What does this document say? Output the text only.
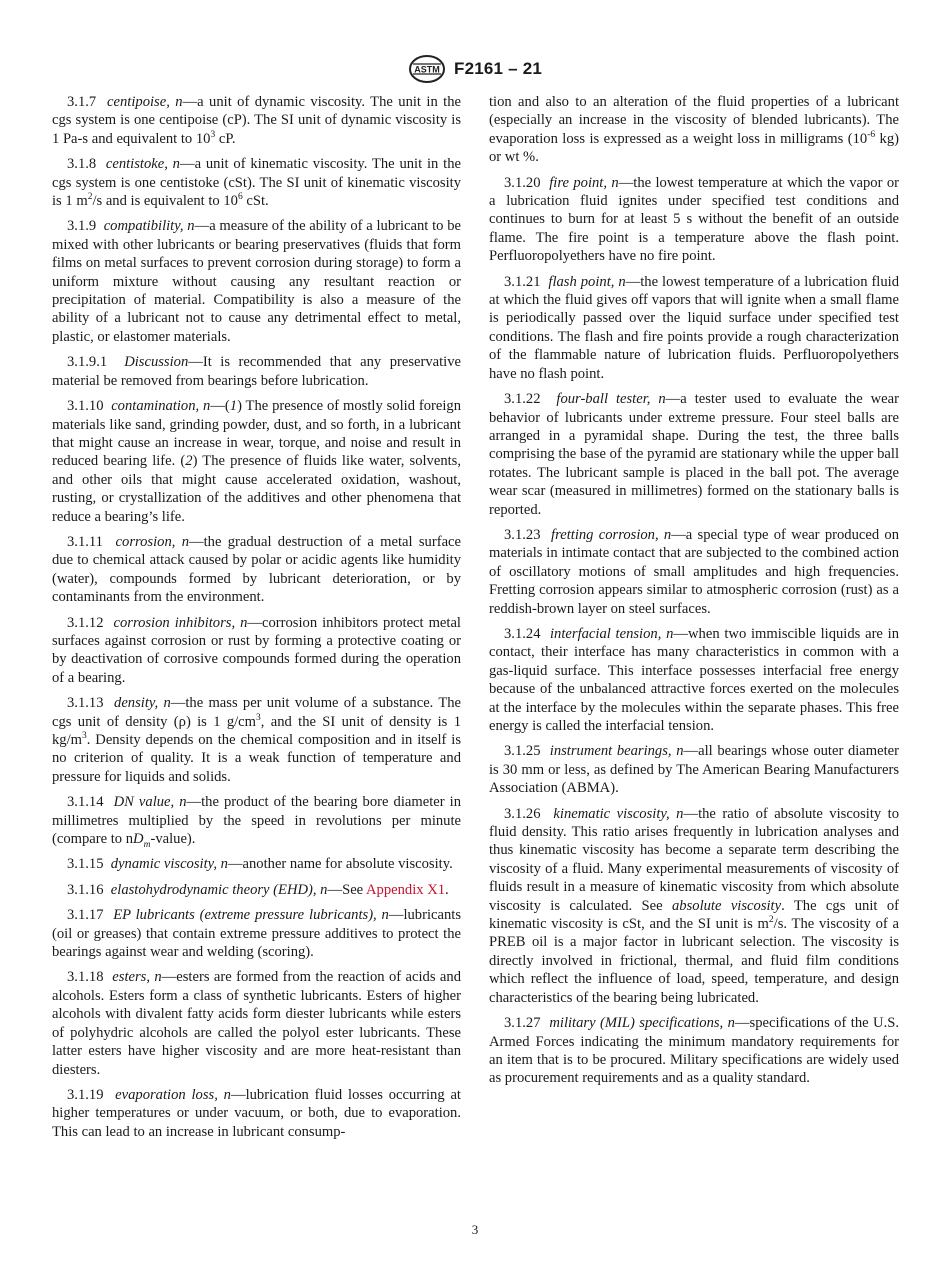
ASTM F2161 – 21

3.1.7 centipoise, n—a unit of dynamic viscosity. The unit in the cgs system is one centipoise (cP). The SI unit of dynamic viscosity is 1 Pa-s and equivalent to $10^3$ cP.

3.1.8 centistoke, n—a unit of kinematic viscosity. The unit in the cgs system is one centistoke (cSt). The SI unit of kinematic viscosity is 1 $m^2/s$ and is equivalent to $10^6$ cSt.

3.1.9 compatibility, n—a measure of the ability of a lubricant to be mixed with other lubricants or bearing preservatives (fluids that form films on metal surfaces to prevent corrosion during storage) to form a uniform mixture without causing any resultant reaction or precipitation of material. Compatibility is also a measure of the ability of a lubricant not to cause any detrimental effect to metal, plastic, or elastomer materials.

3.1.9.1 Discussion—It is recommended that any preservative material be removed from bearings before lubrication.

3.1.10 contamination, n—(1) The presence of mostly solid foreign materials like sand, grinding powder, dust, and so forth, in a lubricant that might cause an increase in wear, torque, and noise and result in reduced bearing life. (2) The presence of fluids like water, solvents, and other oils that might cause accelerated oxidation, washout, rusting, or crystallization of the additives and other phenomena that reduce a bearing’s life.

3.1.11 corrosion, n—the gradual destruction of a metal surface due to chemical attack caused by polar or acidic agents like humidity (water), compounds formed by lubricant deterioration, or by contaminants from the environment.

3.1.12 corrosion inhibitors, n—corrosion inhibitors protect metal surfaces against corrosion or rust by forming a protective coating or by deactivation of corrosive compounds formed during the operation of a bearing.

3.1.13 density, n—the mass per unit volume of a substance. The cgs unit of density (ρ) is 1 $g/cm^3$, and the SI unit of density is 1 $kg/m^3$. Density depends on the chemical composition and in itself is no criterion of quality. It is a weak function of temperature and pressure for liquids and solids.

3.1.14 DN value, n—the product of the bearing bore diameter in millimetres multiplied by the speed in revolutions per minute (compare to $nD_m-value$).

3.1.15 dynamic viscosity, n—another name for absolute viscosity.

3.1.16 elastohydrodynamic theory (EHD), n—See Appendix X1.

3.1.17 EP lubricants (extreme pressure lubricants), n—lubricants (oil or greases) that contain extreme pressure additives to protect the bearings against wear and welding (scoring).

3.1.18 esters, n—esters are formed from the reaction of acids and alcohols. Esters form a class of synthetic lubricants. Esters of higher alcohols with divalent fatty acids form diester lubricants while esters of polyhydric alcohols are called the polyol ester lubricants. These latter esters have higher viscosity and are more heat-resistant than diesters.

3.1.19 evaporation loss, n—lubrication fluid losses occurring at higher temperatures or under vacuum, or both, due to evaporation. This can lead to an increase in lubricant consump-

tion and also to an alteration of the fluid properties of a lubricant (especially an increase in the viscosity of blended lubricants). The evaporation loss is expressed as a weight loss in milligrams ($10^{-6}$ kg) or wt %.

3.1.20 fire point, n—the lowest temperature at which the vapor or a lubrication fluid ignites under specified test conditions and continues to burn for at least 5 s without the benefit of an outside flame. The fire point is a temperature above the flash point. Perfluoropolyethers have no fire point.

3.1.21 flash point, n—the lowest temperature of a lubrication fluid at which the fluid gives off vapors that will ignite when a small flame is periodically passed over the liquid surface under specified test conditions. The flash and fire points provide a rough characterization of the flammable nature of lubrication fluids. Perfluoropolyethers have no flash point.

3.1.22 four-ball tester, n—a tester used to evaluate the wear behavior of lubricants under extreme pressure. Four steel balls are arranged in a pyramidal shape. During the test, the three balls comprising the base of the pyramid are stationary while the upper ball rotates. The lubricant sample is placed in the ball pot. The average wear scar (measured in millimetres) formed on the stationary balls is reported.

3.1.23 fretting corrosion, n—a special type of wear produced on materials in intimate contact that are subjected to the combined action of oscillatory motions of small amplitudes and high frequencies. Fretting corrosion appears similar to atmospheric corrosion (rust) as a reddish-brown layer on steel surfaces.

3.1.24 interfacial tension, n—when two immiscible liquids are in contact, their interface has many characteristics in common with a gas-liquid surface. This interface possesses interfacial free energy because of the unbalanced attractive forces exerted on the molecules at the interface by the molecules within the separate phases. This free energy is called the interfacial tension.

3.1.25 instrument bearings, n—all bearings whose outer diameter is 30 mm or less, as defined by The American Bearing Manufacturers Association (ABMA).

3.1.26 kinematic viscosity, n—the ratio of absolute viscosity to fluid density. This ratio arises frequently in lubrication analyses and thus kinematic viscosity has become a separate term describing the viscosity of a fluid. Many experimental measurements of viscosity of fluids result in a measure of kinematic viscosity from which absolute viscosity is calculated. See absolute viscosity. The cgs unit of kinematic viscosity is cSt, and the SI unit is $m^2/s$. The viscosity of a PREB oil is a major factor in lubricant selection. The viscosity is directly involved in frictional, thermal, and fluid film conditions which reflect the influence of load, speed, temperature, and design characteristics of the bearing being lubricated.

3.1.27 military (MIL) specifications, n—specifications of the U.S. Armed Forces indicating the minimum mandatory requirements for an item that is to be procured. Military specifications are widely used as procurement requirements and as a quality standard.

3
